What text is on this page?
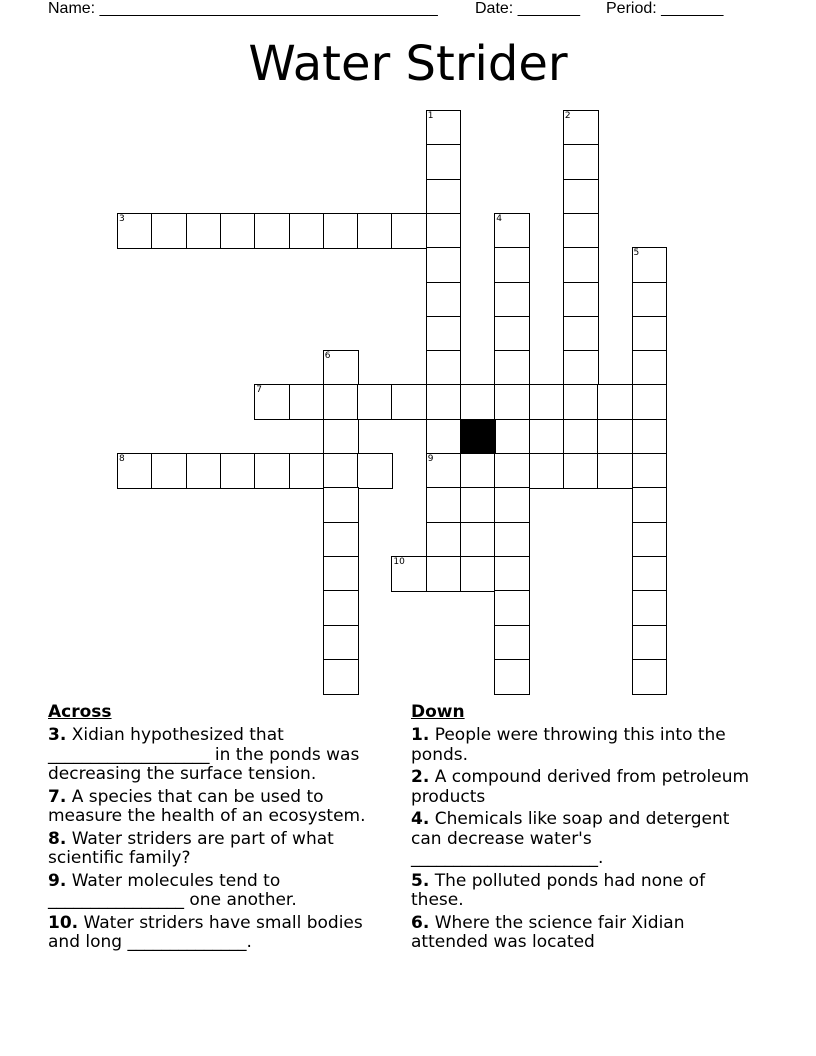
Name: ______________________________________

Date: _______

Period: _______

Water Strider
1	2
3	4
5
6
7
8	9
10
Across
3. Xidian hypothesized that ___________________ in the ponds was decreasing the surface tension.
7. A species that can be used to measure the health of an ecosystem.
8. Water striders are part of what scientific family?
9. Water molecules tend to ________________ one another.
10. Water striders have small bodies and long ______________.
Down
1. People were throwing this into the ponds.
2. A compound derived from petroleum products
4. Chemicals like soap and detergent can decrease water's ______________________.
5. The polluted ponds had none of these.
6. Where the science fair Xidian attended was located
